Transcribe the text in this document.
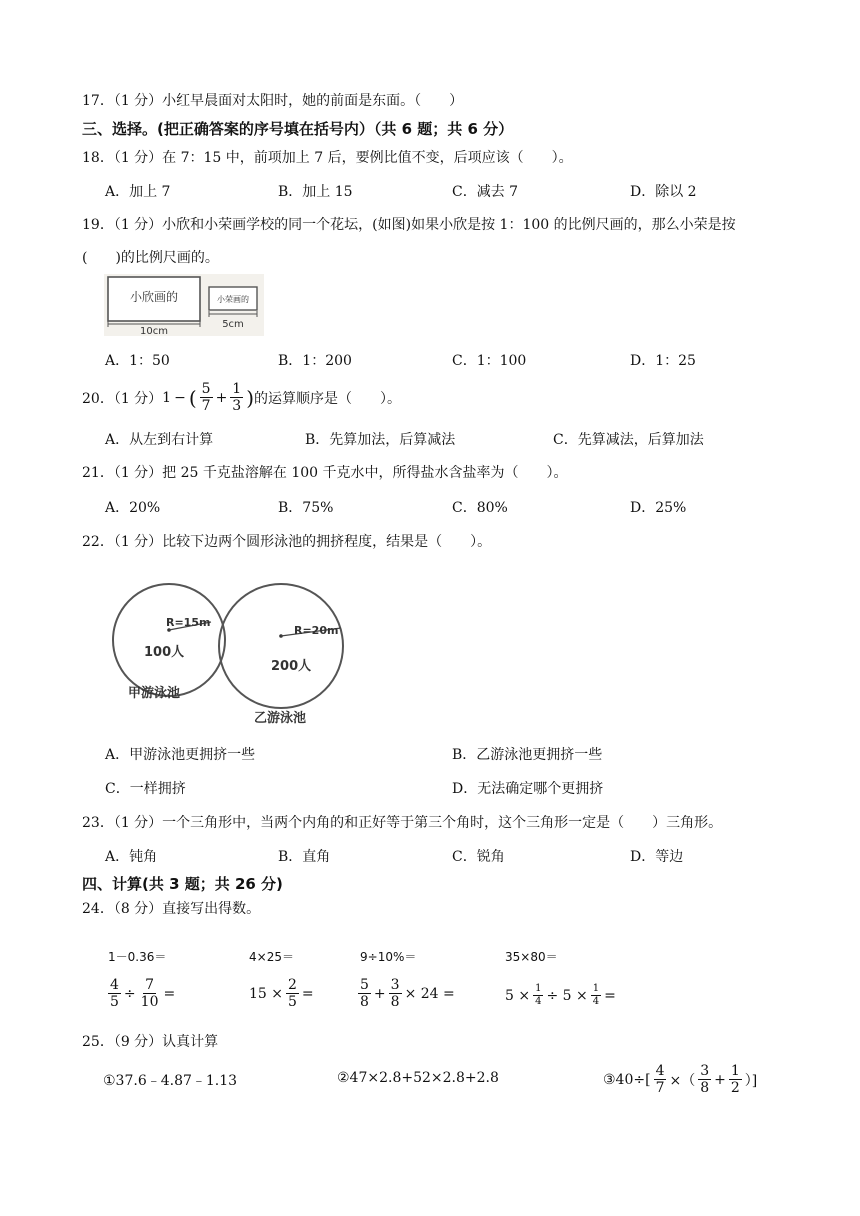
17．（1 分）小红早晨面对太阳时，她的前面是东面。（　　）
三、选择。(把正确答案的序号填在括号内）（共 6 题；共 6 分）
18．（1 分）在 7：15 中，前项加上 7 后，要例比值不变，后项应该（　　）。
A．加上 7	B．加上 15	C．减去 7	D．除以 2
19．（1 分）小欣和小荣画学校的同一个花坛，(如图)如果小欣是按 1：100 的比例尺画的，那么小荣是按
(　　)的比例尺画的。
小欣画的
10cm
小荣画的
5cm
A．1：50	B．1：200	C．1：100	D．1：25
20．（1 分） 1 − ( $\frac{5}{7} + \frac{1}{3}$ ) 的运算顺序是（　　）。
A．从左到右计算	B．先算加法，后算减法	C．先算减法，后算加法
21．（1 分）把 25 千克盐溶解在 100 千克水中，所得盐水含盐率为（　　）。
A．20%	B．75%	C．80%	D．25%
22．（1 分）比较下边两个圆形泳池的拥挤程度，结果是（　　）。
R=15m
100人
甲游泳池
R=20m
200人
乙游泳池
A．甲游泳池更拥挤一些	B．乙游泳池更拥挤一些
C．一样拥挤	D．无法确定哪个更拥挤
23．（1 分）一个三角形中，当两个内角的和正好等于第三个角时，这个三角形一定是（　　）三角形。
A．钝角	B．直角	C．锐角	D．等边
四、计算(共 3 题；共 26 分)
24．（8 分）直接写出得数。
1－0.36＝	4×25＝	9÷10%＝	35×80＝
$\frac{4}{5} \div \frac{7}{10}$ =	$15 \times \frac{2}{5}$ =	$\frac{5}{8} + \frac{3}{8} \times 24$ =	$5 \times \frac{1}{4} \div 5 \times \frac{1}{4}$ =
25．（9 分）认真计算
①37.6﹣4.87﹣1.13	②47×2.8+52×2.8+2.8	③40÷[ $\frac{4}{7}$ ×（ $\frac{3}{8} + \frac{1}{2}$ ）]
